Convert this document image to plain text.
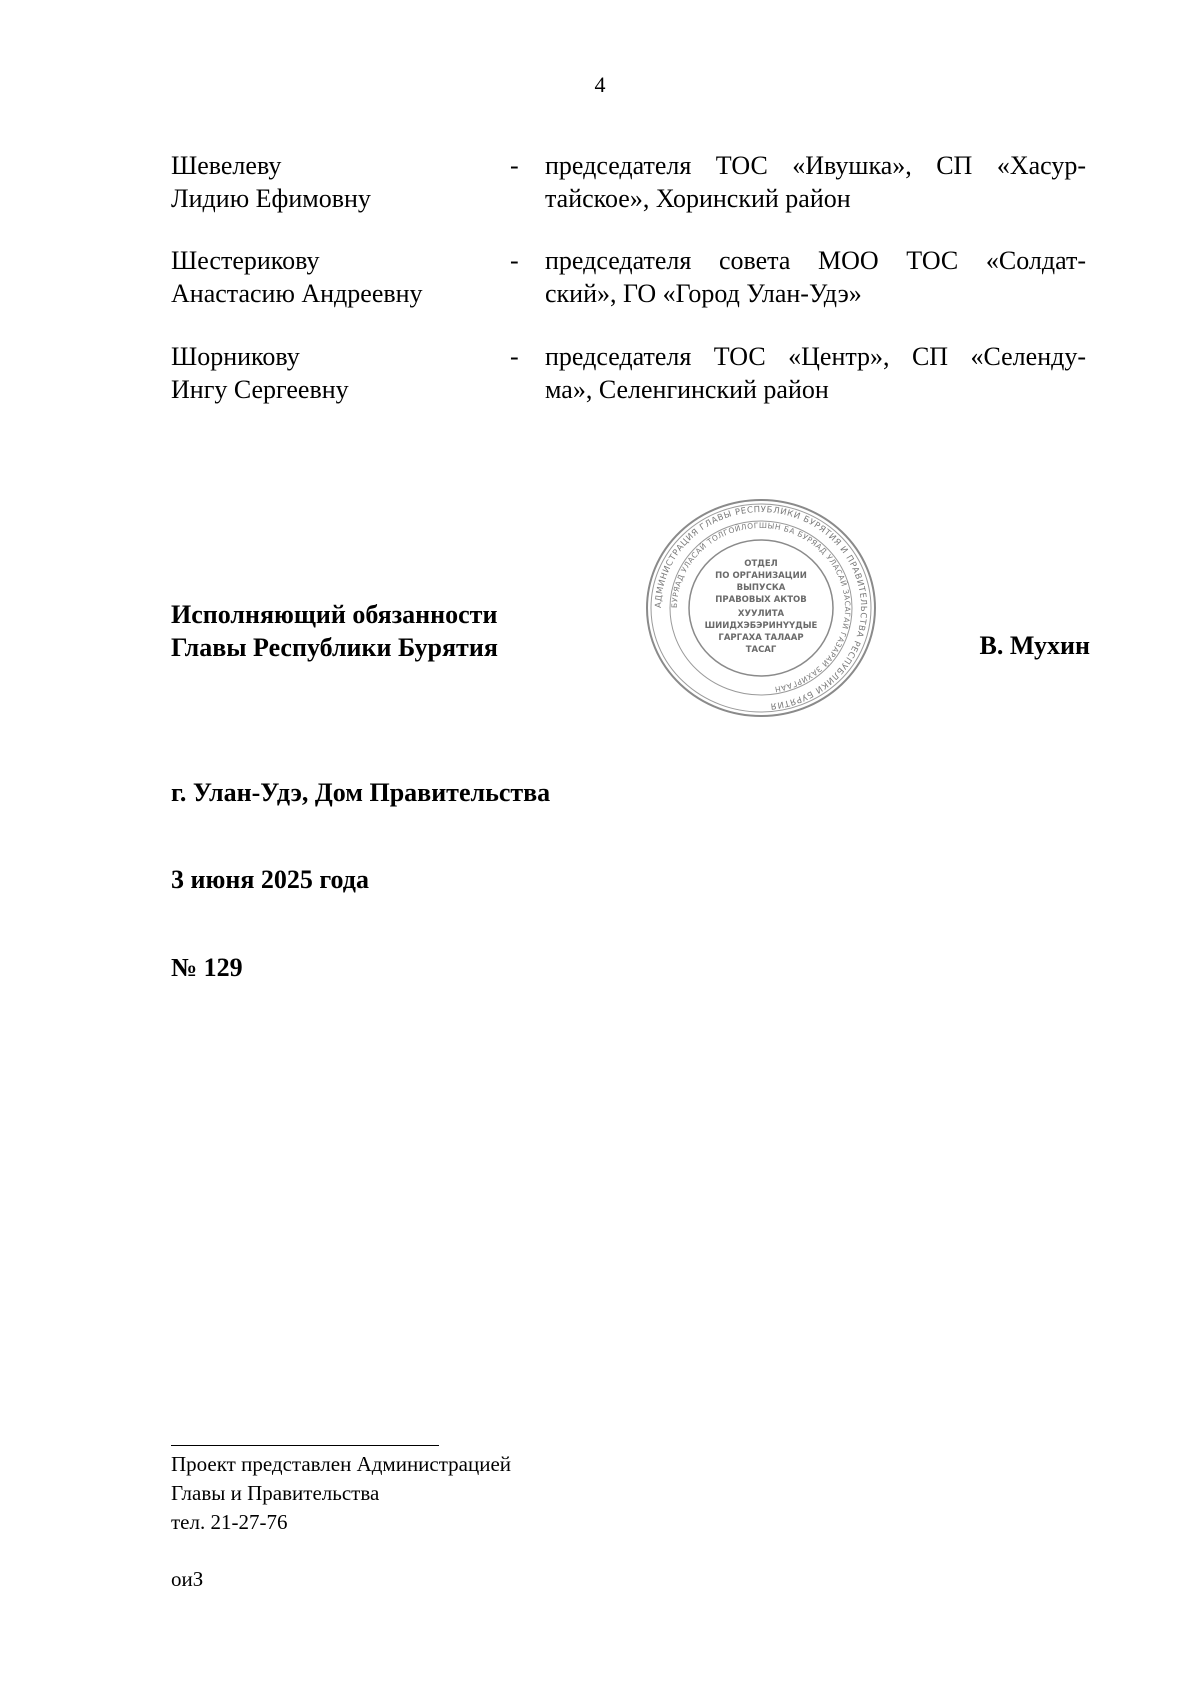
4
Шевелеву
Лидию Ефимовну
- председателя ТОС «Ивушка», СП «Хасур-
тайское», Хоринский район
Шестерикову
Анастасию Андреевну
- председателя совета МОО ТОС «Солдат-
ский», ГО «Город Улан-Удэ»
Шорникову
Ингу Сергеевну
- председателя ТОС «Центр», СП «Селенду-
ма», Селенгинский район
Исполняющий обязанности
Главы Республики Бурятия
АДМИНИСТРАЦИЯ ГЛАВЫ РЕСПУБЛИКИ БУРЯТИЯ И ПРАВИТЕЛЬСТВА РЕСПУБЛИКИ БУРЯТИЯ
БУРЯАД УЛАСАЙ ТОЛГОЙЛОГШЫН БА БУРЯАД УЛАСАЙ ЗАСАГАЙ ГАЗАРАЙ ЗАХИРГААН
ОТДЕЛ
ПО ОРГАНИЗАЦИИ
ВЫПУСКА
ПРАВОВЫХ АКТОВ
ХУУЛИТА
ШИИДХЭБЭРИНҮҮДЫЕ
ГАРГАХА ТАЛААР
ТАСАГ	В. Мухин
г. Улан-Удэ, Дом Правительства
3 июня 2025 года
№ 129
Проект представлен Администрацией
Главы и Правительства
тел. 21-27-76
оиЗ
